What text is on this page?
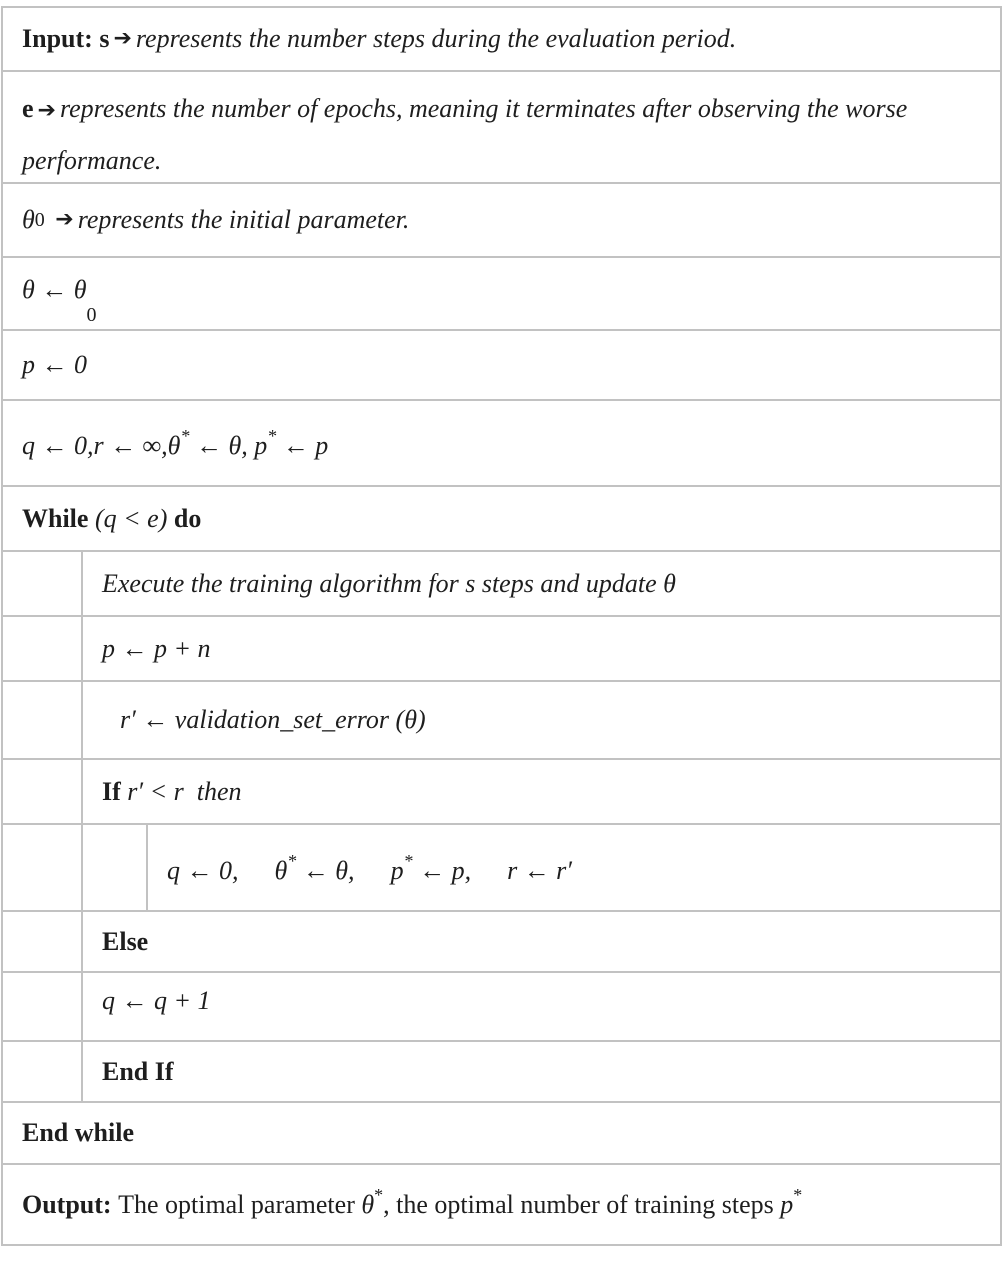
Input:
s ➔ represents the number steps during the evaluation period.
e ➔ represents the number of epochs, meaning it terminates after observing the worse performance.
θ 0
➔ represents the initial parameter.
θ ← θ
0
p ← 0
q ← 0,r ← ∞,θ* ← θ, p* ← p
While
(q < e)
do
Execute the training algorithm for s steps and update θ
p ← p + n
r′ ← validation_set_error (θ)
If
r′ < r
then
q ← 0, θ* ← θ, p* ← p, r ← r′
Else
q ← q + 1
End If
End while
Output:
The optimal parameter θ*, the optimal number of training steps p*
